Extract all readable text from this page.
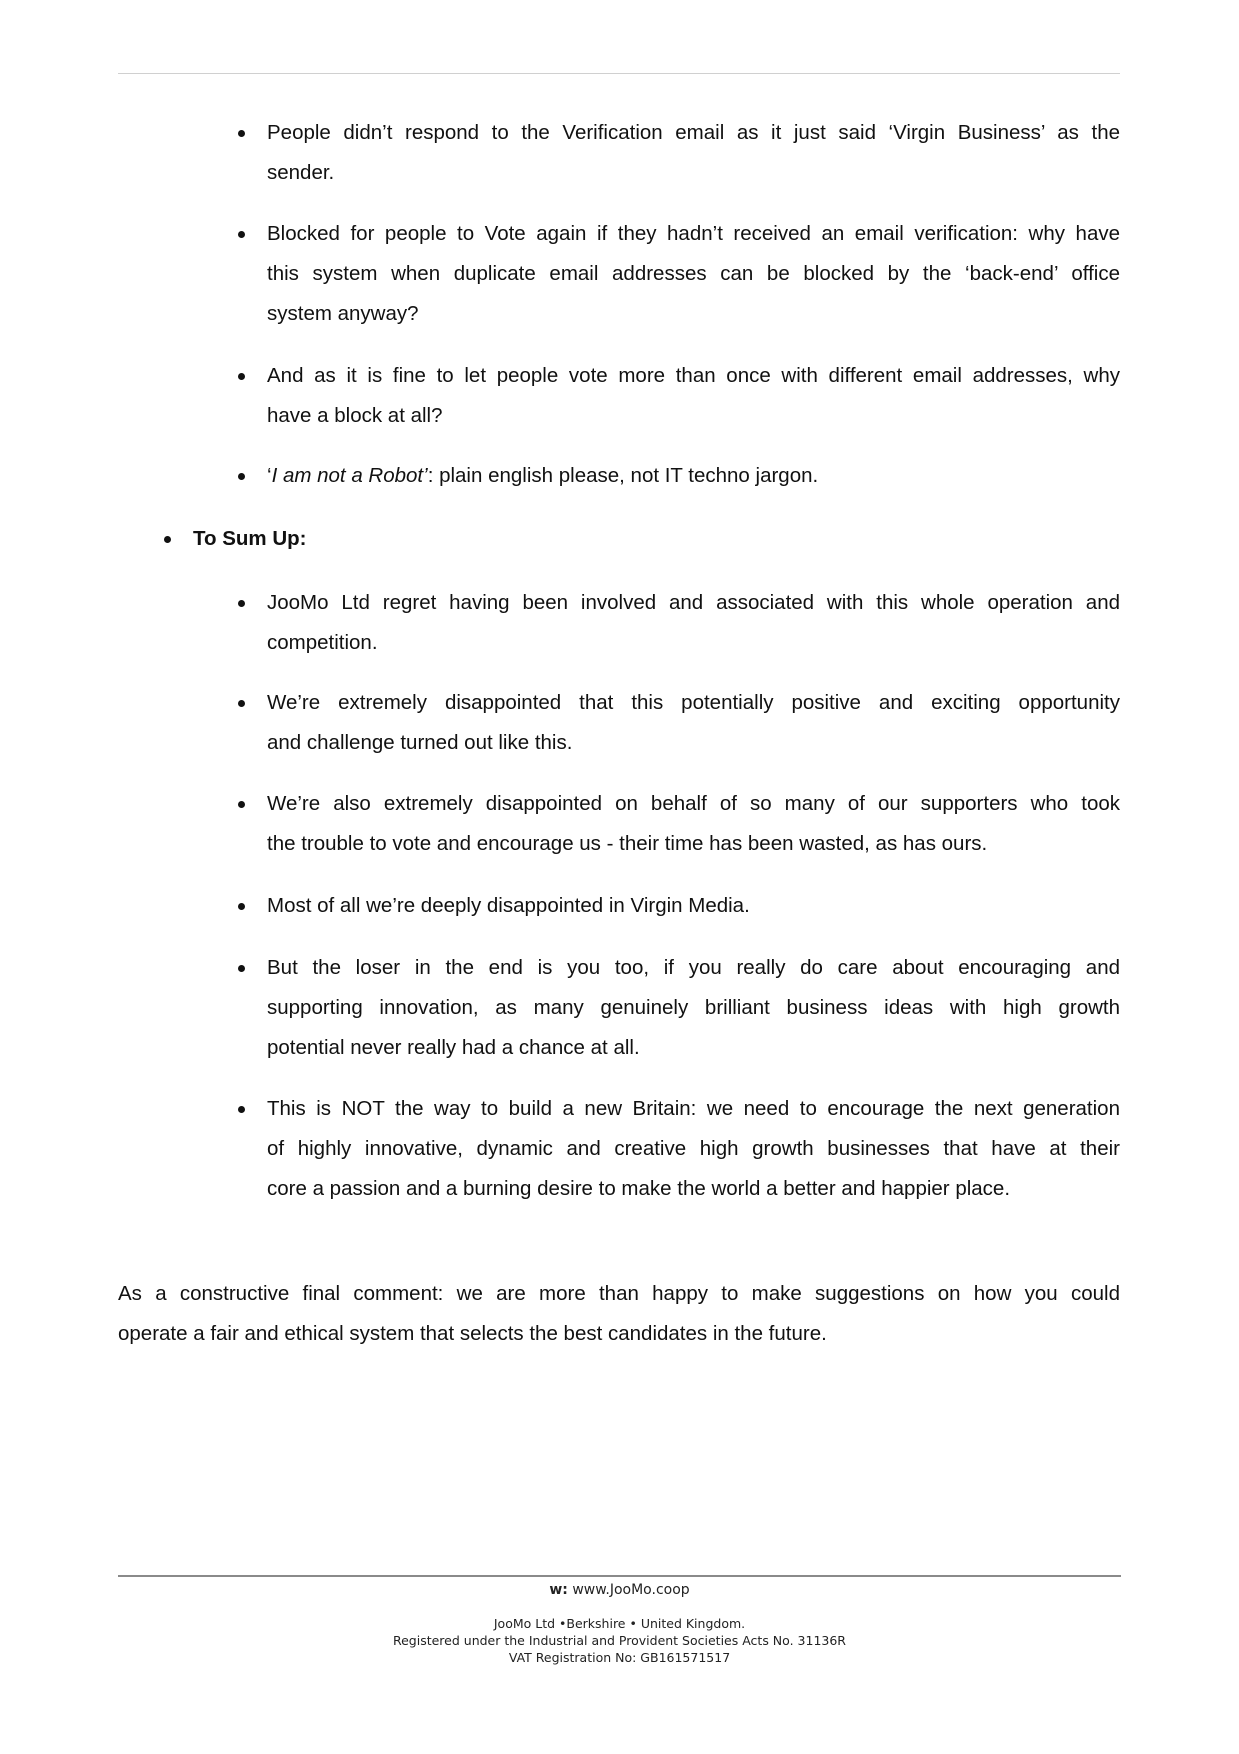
People didn’t respond to the Verification email as it just said ‘Virgin Business’ as the
sender.
Blocked for people to Vote again if they hadn’t received an email verification: why have
this system when duplicate email addresses can be blocked by the ‘back-end’ office
system anyway?
And as it is fine to let people vote more than once with different email addresses, why
have a block at all?
‘I am not a Robot’: plain english please, not IT techno jargon.
To Sum Up:
JooMo Ltd regret having been involved and associated with this whole operation and
competition.
We’re extremely disappointed that this potentially positive and exciting opportunity
and challenge turned out like this.
We’re also extremely disappointed on behalf of so many of our supporters who took
the trouble to vote and encourage us - their time has been wasted, as has ours.
Most of all we’re deeply disappointed in Virgin Media.
But the loser in the end is you too, if you really do care about encouraging and
supporting innovation, as many genuinely brilliant business ideas with high growth
potential never really had a chance at all.
This is NOT the way to build a new Britain: we need to encourage the next generation
of highly innovative, dynamic and creative high growth businesses that have at their
core a passion and a burning desire to make the world a better and happier place.
As a constructive final comment: we are more than happy to make suggestions on how you could
operate a fair and ethical system that selects the best candidates in the future.
w: www.JooMo.coop
JooMo Ltd •Berkshire • United Kingdom.
Registered under the Industrial and Provident Societies Acts No. 31136R
VAT Registration No: GB161571517
